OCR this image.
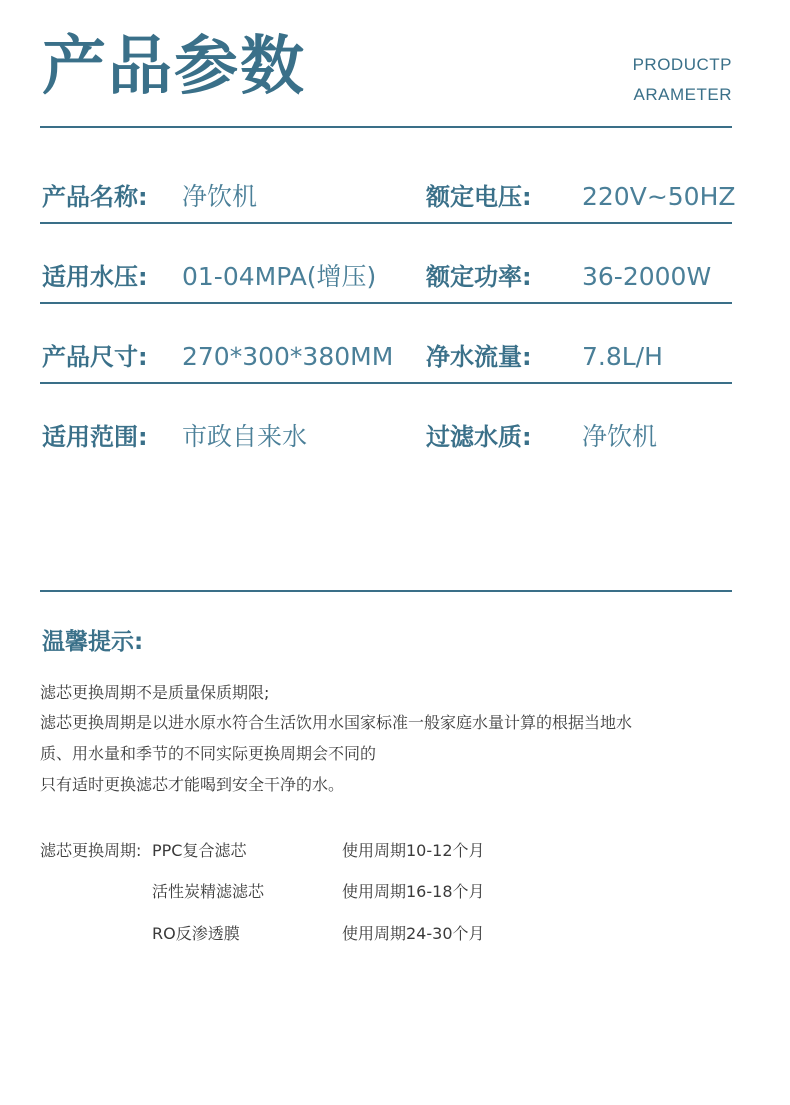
产品参数	PRODUCTP
ARAMETER
产品名称: 净饮机	额定电压: 220V~50HZ
适用水压: 01-04MPA(增压) 额定功率: 36-2000W
产品尺寸: 270*300*380MM 净水流量: 7.8L/H
适用范围: 市政自来水	过滤水质: 净饮机
温馨提示:
滤芯更换周期不是质量保质期限;
滤芯更换周期是以进水原水符合生活饮用水国家标准一般家庭水量计算的根据当地水
质、用水量和季节的不同实际更换周期会不同的
只有适时更换滤芯才能喝到安全干净的水。
滤芯更换周期: PPC复合滤芯	使用周期10-12个月
活性炭精滤滤芯	使用周期16-18个月
RO反渗透膜	使用周期24-30个月
